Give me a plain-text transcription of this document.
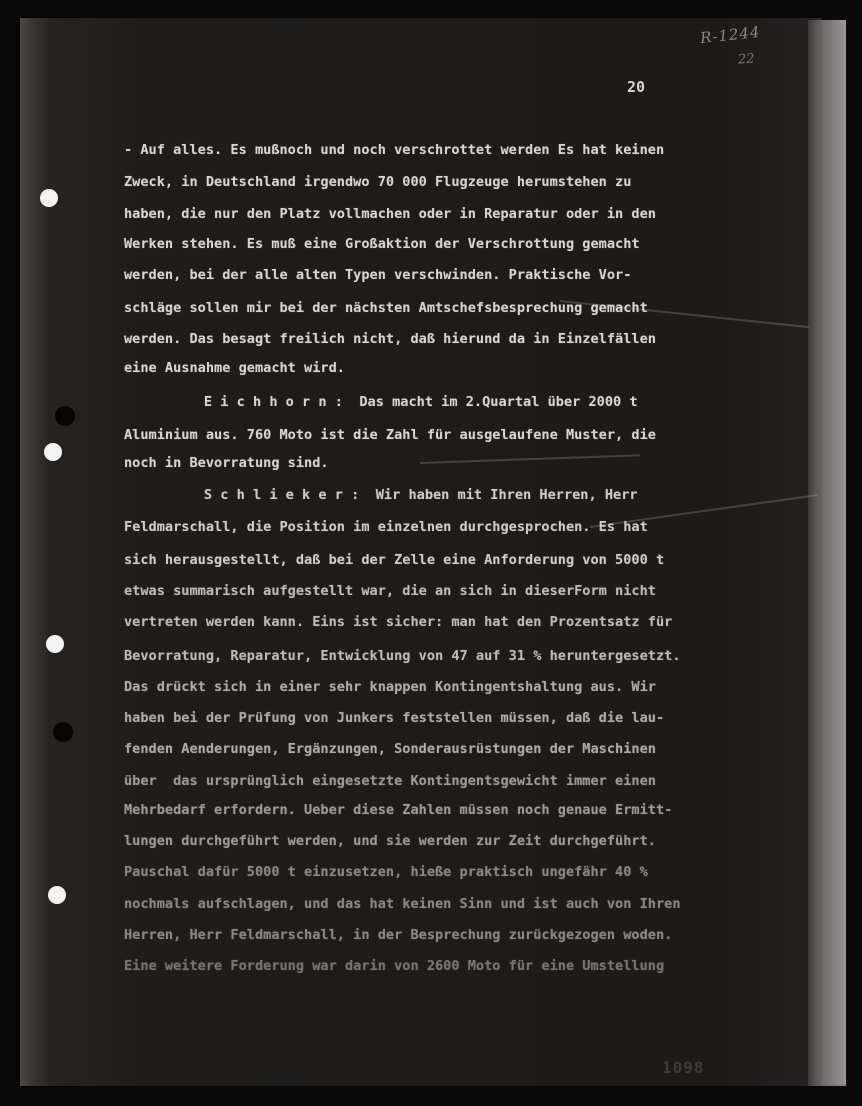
R-1244
22
20
- Auf alles. Es mußnoch und noch verschrottet werden Es hat keinen
Zweck, in Deutschland irgendwo 70 000 Flugzeuge herumstehen zu
haben, die nur den Platz vollmachen oder in Reparatur oder in den
Werken stehen. Es muß eine Großaktion der Verschrottung gemacht
werden, bei der alle alten Typen verschwinden. Praktische Vor-
schläge sollen mir bei der nächsten Amtschefsbesprechung gemacht
werden. Das besagt freilich nicht, daß hierund da in Einzelfällen
eine Ausnahme gemacht wird.
E i c h h o r n :  Das macht im 2.Quartal über 2000 t
Aluminium aus. 760 Moto ist die Zahl für ausgelaufene Muster, die
noch in Bevorratung sind.
S c h l i e k e r :  Wir haben mit Ihren Herren, Herr
Feldmarschall, die Position im einzelnen durchgesprochen. Es hat
sich herausgestellt, daß bei der Zelle eine Anforderung von 5000 t
etwas summarisch aufgestellt war, die an sich in dieserForm nicht
vertreten werden kann. Eins ist sicher: man hat den Prozentsatz für
Bevorratung, Reparatur, Entwicklung von 47 auf 31 % heruntergesetzt.
Das drückt sich in einer sehr knappen Kontingentshaltung aus. Wir
haben bei der Prüfung von Junkers feststellen müssen, daß die lau-
fenden Aenderungen, Ergänzungen, Sonderausrüstungen der Maschinen
über  das ursprünglich eingesetzte Kontingentsgewicht immer einen
Mehrbedarf erfordern. Ueber diese Zahlen müssen noch genaue Ermitt-
lungen durchgeführt werden, und sie werden zur Zeit durchgeführt.
Pauschal dafür 5000 t einzusetzen, hieße praktisch ungefähr 40 %
nochmals aufschlagen, und das hat keinen Sinn und ist auch von Ihren
Herren, Herr Feldmarschall, in der Besprechung zurückgezogen woden.
Eine weitere Forderung war darin von 2600 Moto für eine Umstellung
1098
